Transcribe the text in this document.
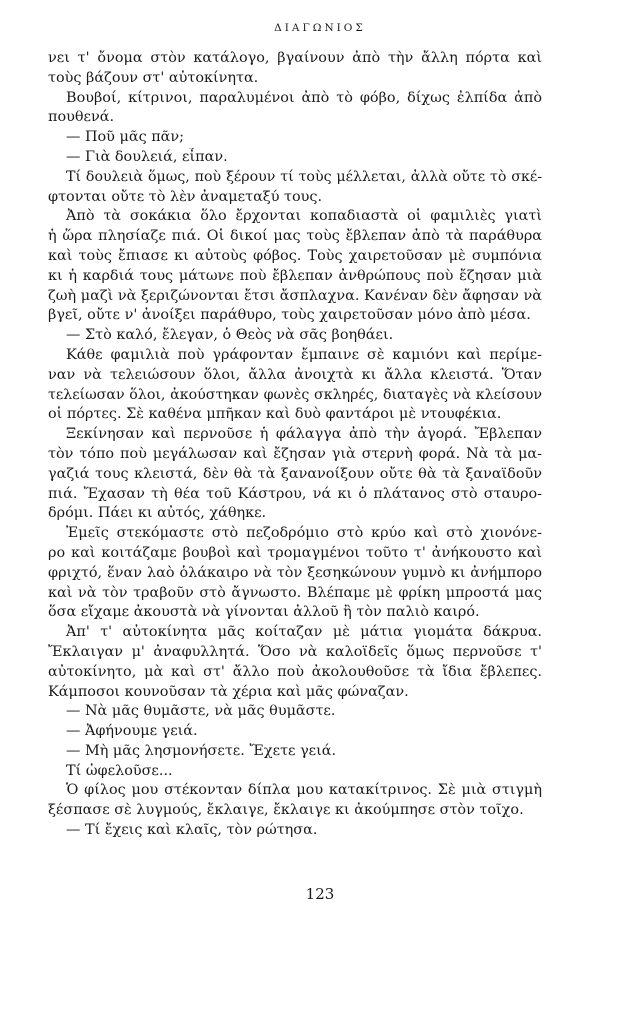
ΔΙΑΓΩΝΙΟΣ
νει τ' ὄνομα στὸν κατάλογο, βγαίνουν ἀπὸ τὴν ἄλλη πόρτα καὶ
τοὺς βάζουν στ' αὐτοκίνητα.
Βουβοί, κίτρινοι, παραλυμένοι ἀπὸ τὸ φόβο, δίχως ἐλπίδα ἀπὸ
πουθενά.
— Ποῦ μᾶς πᾶν;
— Γιὰ δουλειά, εἶπαν.
Τί δουλειὰ ὅμως, ποὺ ξέρουν τί τοὺς μέλλεται, ἀλλὰ οὔτε τὸ σκέ-
φτονται οὔτε τὸ λὲν ἀναμεταξύ τους.
Ἀπὸ τὰ σοκάκια ὅλο ἔρχονται κοπαδιαστὰ οἱ φαμιλιὲς γιατὶ
ἡ ὥρα πλησίαζε πιά. Οἱ δικοί μας τοὺς ἔβλεπαν ἀπὸ τὰ παράθυρα
καὶ τοὺς ἔπιασε κι αὐτοὺς φόβος. Τοὺς χαιρετοῦσαν μὲ συμπόνια
κι ἡ καρδιά τους μάτωνε ποὺ ἔβλεπαν ἀνθρώπους ποὺ ἔζησαν μιὰ
ζωὴ μαζὶ νὰ ξεριζώνονται ἔτσι ἄσπλαχνα. Κανέναν δὲν ἄφησαν νὰ
βγεῖ, οὔτε ν' ἀνοίξει παράθυρο, τοὺς χαιρετοῦσαν μόνο ἀπὸ μέσα.
— Στὸ καλό, ἔλεγαν, ὁ Θεὸς νὰ σᾶς βοηθάει.
Κάθε φαμιλιὰ ποὺ γράφονταν ἔμπαινε σὲ καμιόνι καὶ περίμε-
ναν νὰ τελειώσουν ὅλοι, ἄλλα ἀνοιχτὰ κι ἄλλα κλειστά. Ὅταν
τελείωσαν ὅλοι, ἀκούστηκαν φωνὲς σκληρές, διαταγὲς νὰ κλείσουν
οἱ πόρτες. Σὲ καθένα μπῆκαν καὶ δυὸ φαντάροι μὲ ντουφέκια.
Ξεκίνησαν καὶ περνοῦσε ἡ φάλαγγα ἀπὸ τὴν ἀγορά. Ἔβλεπαν
τὸν τόπο ποὺ μεγάλωσαν καὶ ἔζησαν γιὰ στερνὴ φορά. Νὰ τὰ μα-
γαζιά τους κλειστά, δὲν θὰ τὰ ξανανοίξουν οὔτε θὰ τὰ ξαναϊδοῦν
πιά. Ἔχασαν τὴ θέα τοῦ Κάστρου, νά κι ὁ πλάτανος στὸ σταυρο-
δρόμι. Πάει κι αὐτός, χάθηκε.
Ἐμεῖς στεκόμαστε στὸ πεζοδρόμιο στὸ κρύο καὶ στὸ χιονόνε-
ρο καὶ κοιτάζαμε βουβοὶ καὶ τρομαγμένοι τοῦτο τ' ἀνήκουστο καὶ
φριχτό, ἕναν λαὸ ὁλάκαιρο νὰ τὸν ξεσηκώνουν γυμνὸ κι ἀνήμπορο
καὶ νὰ τὸν τραβοῦν στὸ ἄγνωστο. Βλέπαμε μὲ φρίκη μπροστά μας
ὅσα εἴχαμε ἀκουστὰ νὰ γίνονται ἀλλοῦ ἢ τὸν παλιὸ καιρό.
Ἀπ' τ' αὐτοκίνητα μᾶς κοίταζαν μὲ μάτια γιομάτα δάκρυα.
Ἔκλαιγαν μ' ἀναφυλλητά. Ὅσο νὰ καλοϊδεῖς ὅμως περνοῦσε τ'
αὐτοκίνητο, μὰ καὶ στ' ἄλλο ποὺ ἀκολουθοῦσε τὰ ἴδια ἔβλεπες.
Κάμποσοι κουνοῦσαν τὰ χέρια καὶ μᾶς φώναζαν.
— Νὰ μᾶς θυμᾶστε, νὰ μᾶς θυμᾶστε.
— Ἀφήνουμε γειά.
— Μὴ μᾶς λησμονήσετε. Ἔχετε γειά.
Τί ὠφελοῦσε...
Ὁ φίλος μου στέκονταν δίπλα μου κατακίτρινος. Σὲ μιὰ στιγμὴ
ξέσπασε σὲ λυγμούς, ἔκλαιγε, ἔκλαιγε κι ἀκούμπησε στὸν τοῖχο.
— Τί ἔχεις καὶ κλαῖς, τὸν ρώτησα.
123
